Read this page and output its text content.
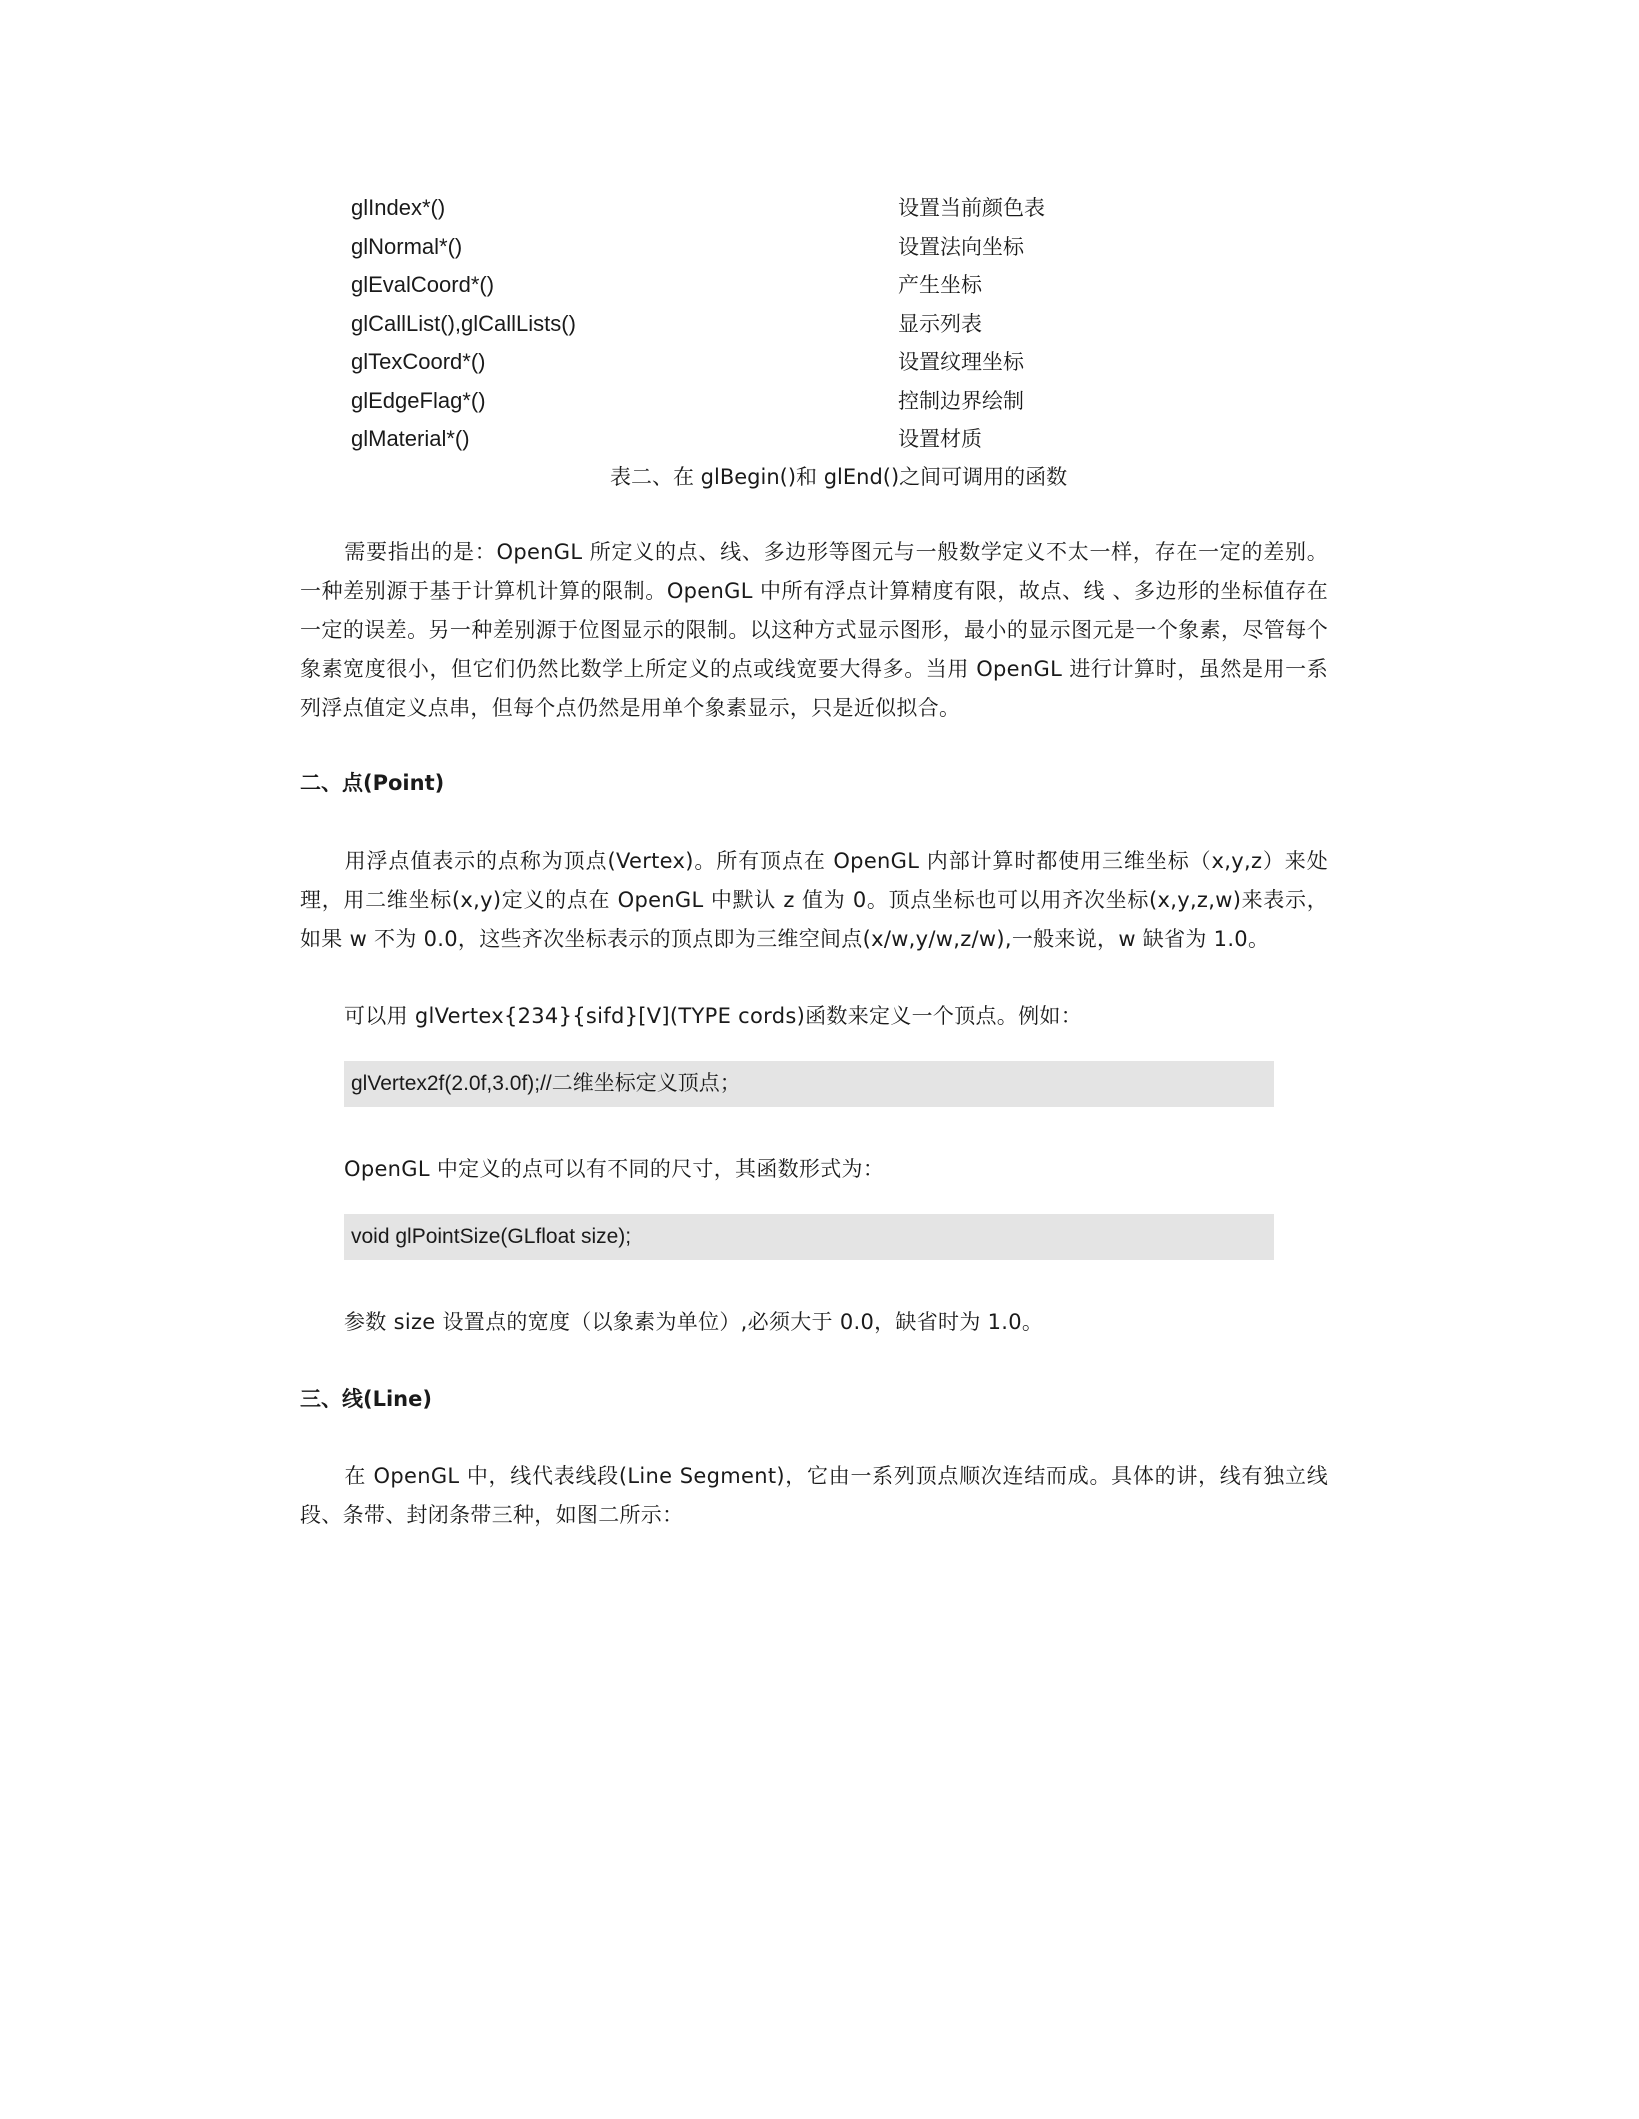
glIndex*()	设置当前颜色表
glNormal*()	设置法向坐标
glEvalCoord*()	产生坐标
glCallList(),glCallLists()	显示列表
glTexCoord*()	设置纹理坐标
glEdgeFlag*()	控制边界绘制
glMaterial*()	设置材质
表二、在 glBegin()和 glEnd()之间可调用的函数
需要指出的是：OpenGL 所定义的点、线、多边形等图元与一般数学定义不太一样，存在一定的差别。一种差别源于基于计算机计算的限制。OpenGL 中所有浮点计算精度有限，故点、线 、多边形的坐标值存在一定的误差。另一种差别源于位图显示的限制。以这种方式显示图形，最小的显示图元是一个象素，尽管每个象素宽度很小，但它们仍然比数学上所定义的点或线宽要大得多。当用 OpenGL 进行计算时，虽然是用一系列浮点值定义点串，但每个点仍然是用单个象素显示，只是近似拟合。
二、点(Point)
用浮点值表示的点称为顶点(Vertex)。所有顶点在 OpenGL 内部计算时都使用三维坐标（x,y,z）来处理，用二维坐标(x,y)定义的点在 OpenGL 中默认 z 值为 0。顶点坐标也可以用齐次坐标(x,y,z,w)来表示，如果 w 不为 0.0，这些齐次坐标表示的顶点即为三维空间点(x/w,y/w,z/w),一般来说，w 缺省为 1.0。
可以用 glVertex{234}{sifd}[V](TYPE cords)函数来定义一个顶点。例如：
glVertex2f(2.0f,3.0f);//二维坐标定义顶点；
OpenGL 中定义的点可以有不同的尺寸，其函数形式为：
void glPointSize(GLfloat size);
参数 size 设置点的宽度（以象素为单位）,必须大于 0.0，缺省时为 1.0。
三、线(Line)
在 OpenGL 中，线代表线段(Line Segment)，它由一系列顶点顺次连结而成。具体的讲，线有独立线段、条带、封闭条带三种，如图二所示：
